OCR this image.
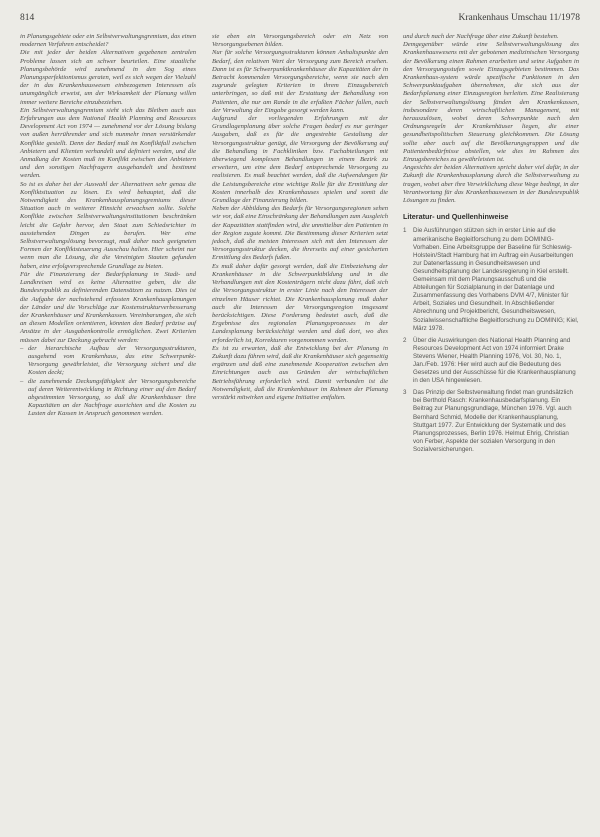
814	Krankenhaus Umschau 11/1978

in Planungsgebiete oder ein Selbstverwaltungsgremium, das einen modernen Verfahren entscheidet?

Die mit jeder der beiden Alternativen gegebenen zentralen Probleme lassen sich an schwer beurteilen. Eine staatliche Planungsbehörde wird zunehmend in den Sog eines Planungsperfektionismus geraten, weil es sich wegen der Vielzahl der in das Krankenhauswesen einbezogenen Interessen als unumgänglich erweist, um der Wirksamkeit der Planung willen immer weitere Bereiche einzubeziehen.

Ein Selbstverwaltungsgremium sieht sich das Bleiben auch aus Erfahrungen aus dem National Health Planning and Resources Development Act von 1974 — zunehmend vor der Lösung bislang von außen herrührender und sich nunmehr innen verstärkender Konflikte gestellt. Denn der Bedarf muß im Konfliktfall zwischen Anbietern und Klienten verhandelt und definiert werden, und die Anmaßung der Kosten muß im Konflikt zwischen den Anbietern und den sonstigen Nachfragern ausgehandelt und bestimmt werden.

So ist es daher bei der Auswahl der Alternativen sehr genau die Konfliktsituation zu lösen. Es wird behauptet, daß die Notwendigkeit des Krankenhausplanungsgremiums dieser Situation auch in weiterer Hinsicht erwachsen sollte. Solche Konflikte zwischen Selbstverwaltungsinstitutionen beschränken leicht die Gefahr hervor, den Staat zum Schiedsrichter in ausstehenden Dingen zu berufen. Wer eine Selbstverwaltungslösung bevorzugt, muß daher nach geeigneten Formen der Konfliktsteuerung Ausschau halten. Hier scheint nur wenn man die Lösung, die die Vereinigten Staaten gefunden haben, eine erfolgversprechende Grundlage zu bieten.

Für die Finanzierung der Bedarfsplanung in Stadt- und Landkreisen wird es keine Alternative geben, die die Bundesrepublik zu definierenden Datensätzen zu nutzen. Dies ist die Aufgabe der nachstehend erfassten Krankenhausplanungen der Länder und die Vorschläge zur Kostenstrukturverbesserung der Krankenhäuser und Krankenkassen. Vereinbarungen, die sich an diesen Modellen orientieren, könnten den Bedarf präzise auf Ansätze in der Ausgabenkontrolle ermöglichen. Zwei Kriterien müssen dabei zur Deckung gebracht werden:

– der hierarchische Aufbau der Versorgungsstrukturen, ausgehend vom Krankenhaus, das eine Schwerpunkt-Versorgung gewährleistet, die Versorgung sichert und die Kosten deckt;
– die zunehmende Deckungsfähigkeit der Versorgungsbereiche auf deren Weiterentwicklung in Richtung einer auf den Bedarf abgestimmten Versorgung, so daß die Krankenhäuser ihre Kapazitäten an der Nachfrage ausrichten und die Kosten zu Lasten der Kassen in Anspruch genommen werden.

sie eben ein Versorgungsbereich oder ein Netz von Versorgungsebenen bilden.

Nur für solche Versorgungsstrukturen können Anhaltspunkte den Bedarf, den relativen Wert der Versorgung zum Bereich ersehen. Dann ist es für Schwerpunktkrankenhäuser die Kapazitäten der in Betracht kommenden Versorgungsbereiche, wenn sie nach den zugrunde gelegten Kriterien in ihrem Einzugsbereich unterbringen, so daß mit der Erstattung der Behandlung von Patienten, die nur am Rande in die erfaßten Fächer fallen, nach der Verwaltung der Eingabe gesorgt werden kann.

Aufgrund der vorliegenden Erfahrungen mit der Grundlagenplanung über solche Fragen bedarf es nur geringer Ausgaben, daß es für die angestrebte Gestaltung der Versorgungsstruktur genügt, die Versorgung der Bevölkerung auf die Behandlung in Fachkliniken bzw. Fachabteilungen mit überwiegend komplexen Behandlungen in einem Bezirk zu erweitern, um eine dem Bedarf entsprechende Versorgung zu realisieren. Es muß beachtet werden, daß die Aufwendungen für die Leistungsbereiche eine wichtige Rolle für die Ermittlung der Kosten innerhalb des Krankenhauses spielen und somit die Grundlage der Finanzierung bilden.

Neben der Abbildung des Bedarfs für Versorgungsregionen sehen wir vor, daß eine Einschränkung der Behandlungen zum Ausgleich der Kapazitäten stattfinden wird, die unmittelbar den Patienten in der Region zugute kommt. Die Bestimmung dieser Kriterien setzt jedoch, daß die meisten Interessen sich mit den Interessen der Versorgungsstruktur decken, die ihrerseits auf einer gesicherten Ermittlung des Bedarfs fußen.

Es muß daher dafür gesorgt werden, daß die Einbeziehung der Krankenhäuser in die Schwerpunktbildung und in die Verhandlungen mit den Kostenträgern nicht dazu führt, daß sich die Versorgungsstruktur in erster Linie nach den Interessen der einzelnen Häuser richtet. Die Krankenhausplanung muß daher auch die Interessen der Versorgungsregion insgesamt berücksichtigen. Diese Forderung bedeutet auch, daß die Ergebnisse des regionalen Planungsprozesses in der Landesplanung berücksichtigt werden und daß dort, wo dies erforderlich ist, Korrekturen vorgenommen werden.

Es ist zu erwarten, daß die Entwicklung bei der Planung in Zukunft dazu führen wird, daß die Krankenhäuser sich gegenseitig ergänzen und daß eine zunehmende Kooperation zwischen den Einrichtungen auch aus Gründen der wirtschaftlichen Betriebsführung erforderlich wird. Damit verbunden ist die Notwendigkeit, daß die Krankenhäuser im Rahmen der Planung verstärkt mitwirken und eigene Initiative entfalten.

und durch nach der Nachfrage über eine Zukunft bestehen.

Demgegenüber würde eine Selbstverwaltungslösung des Krankenhauswesens mit der gebotenen medizinischen Versorgung der Bevölkerung einen Rahmen erarbeiten und seine Aufgaben in den Versorgungsstufen sowie Einzugsgebieten bestimmen. Das Krankenhaus-system würde spezifische Funktionen in den Schwerpunktaufgaben übernehmen, die sich aus der Bedarfsplanung einer Einzugsregion herleiten. Eine Realisierung der Selbstverwaltungslösung fänden den Krankenkassen, insbesondere deren wirtschaftlichen Management, mit herauszulösen, wobei deren Schwerpunkte nach den Ordnungsregeln der Krankenhäuser liegen, die einer gesundheitspolitischen Steuerung gleichkommen. Die Lösung sollte aber auch auf die Bevölkerungsgruppen und die Patientenbedürfnisse abstellen, wie dies im Rahmen des Einzugsbereiches zu gewährleisten ist.

Angesichts der beiden Alternativen spricht daher viel dafür, in der Zukunft die Krankenhausplanung durch die Selbstverwaltung zu tragen, wobei aber ihre Verwirklichung diese Wege bedingt, in der Verantwortung für das Krankenhauswesen in der Bundesrepublik Lösungen zu finden.

Literatur- und Quellenhinweise
1 Die Ausführungen stützen sich in erster Linie auf die amerikanische Begleitforschung zu dem DOMINIG-Vorhaben. Eine Arbeitsgruppe der Baseline für Schleswig-Holstein/Stadt Hamburg hat im Auftrag ein Ausarbeitungen zur Datenerfassung in Gesundheitswesen und Gesundheitsplanung der Landesregierung in Kiel erstellt. Gemeinsam mit dem Planungsausschuß und die Abteilungen für Sozialplanung in der Datenlage und Zusammenfassung des Vorhabens DVM 4/7, Minister für Arbeit, Soziales und Gesundheit. In Abschließender Abrechnung und Projektbericht, Gesundheitswesen, Sozialwissenschaftliche Begleitforschung zu DOMINIG; Kiel, März 1978.
2 Über die Auswirkungen des National Health Planning and Resources Development Act von 1974 informiert Drake Stevens Wiener, Health Planning 1976, Vol. 30, No. 1, Jan./Feb. 1976: Hier wird auch auf die Bedeutung des Gesetzes und der Ausschüsse für die Krankenhausplanung in den USA hingewiesen.
3 Das Prinzip der Selbstverwaltung findet man grundsätzlich bei Berthold Rasch: Krankenhausbedarfsplanung. Ein Beitrag zur Planungsgrundlage, München 1976. Vgl. auch Bernhard Schmid, Modelle der Krankenhausplanung, Stuttgart 1977. Zur Entwicklung der Systematik und des Planungsprozesses, Berlin 1976. Helmut Ehrig, Christian von Ferber, Aspekte der sozialen Versorgung in den Sozialversicherungen.
